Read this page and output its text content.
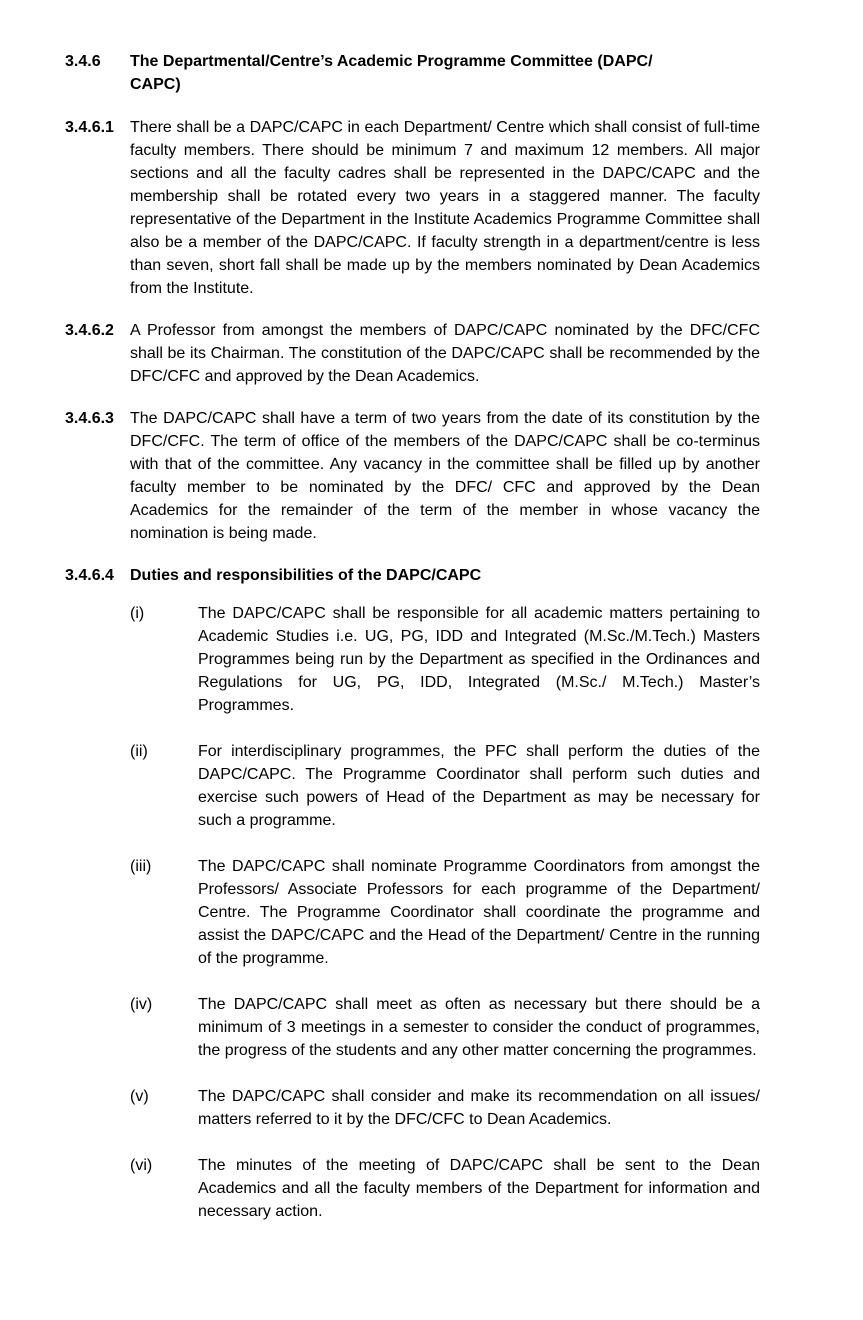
3.4.6	The Departmental/Centre’s Academic Programme Committee (DAPC/ CAPC)
3.4.6.1	There shall be a DAPC/CAPC in each Department/ Centre which shall consist of full-time faculty members. There should be minimum 7 and maximum 12 members. All major sections and all the faculty cadres shall be represented in the DAPC/CAPC and the membership shall be rotated every two years in a staggered manner. The faculty representative of the Department in the Institute Academics Programme Committee shall also be a member of the DAPC/CAPC. If faculty strength in a department/centre is less than seven, short fall shall be made up by the members nominated by Dean Academics from the Institute.

3.4.6.2	A Professor from amongst the members of DAPC/CAPC nominated by the DFC/CFC shall be its Chairman. The constitution of the DAPC/CAPC shall be recommended by the DFC/CFC and approved by the Dean Academics.

3.4.6.3	The DAPC/CAPC shall have a term of two years from the date of its constitution by the DFC/CFC. The term of office of the members of the DAPC/CAPC shall be co-terminus with that of the committee. Any vacancy in the committee shall be filled up by another faculty member to be nominated by the DFC/ CFC and approved by the Dean Academics for the remainder of the term of the member in whose vacancy the nomination is being made.

3.4.6.4	Duties and responsibilities of the DAPC/CAPC
(i)	The DAPC/CAPC shall be responsible for all academic matters pertaining to Academic Studies i.e. UG, PG, IDD and Integrated (M.Sc./M.Tech.) Masters Programmes being run by the Department as specified in the Ordinances and Regulations for UG, PG, IDD, Integrated (M.Sc./ M.Tech.) Master’s Programmes.

(ii)	For interdisciplinary programmes, the PFC shall perform the duties of the DAPC/CAPC. The Programme Coordinator shall perform such duties and exercise such powers of Head of the Department as may be necessary for such a programme.

(iii)	The DAPC/CAPC shall nominate Programme Coordinators from amongst the Professors/ Associate Professors for each programme of the Department/ Centre. The Programme Coordinator shall coordinate the programme and assist the DAPC/CAPC and the Head of the Department/ Centre in the running of the programme.

(iv)	The DAPC/CAPC shall meet as often as necessary but there should be a minimum of 3 meetings in a semester to consider the conduct of programmes, the progress of the students and any other matter concerning the programmes.

(v)	The DAPC/CAPC shall consider and make its recommendation on all issues/ matters referred to it by the DFC/CFC to Dean Academics.

(vi)	The minutes of the meeting of DAPC/CAPC shall be sent to the Dean Academics and all the faculty members of the Department for information and necessary action.
